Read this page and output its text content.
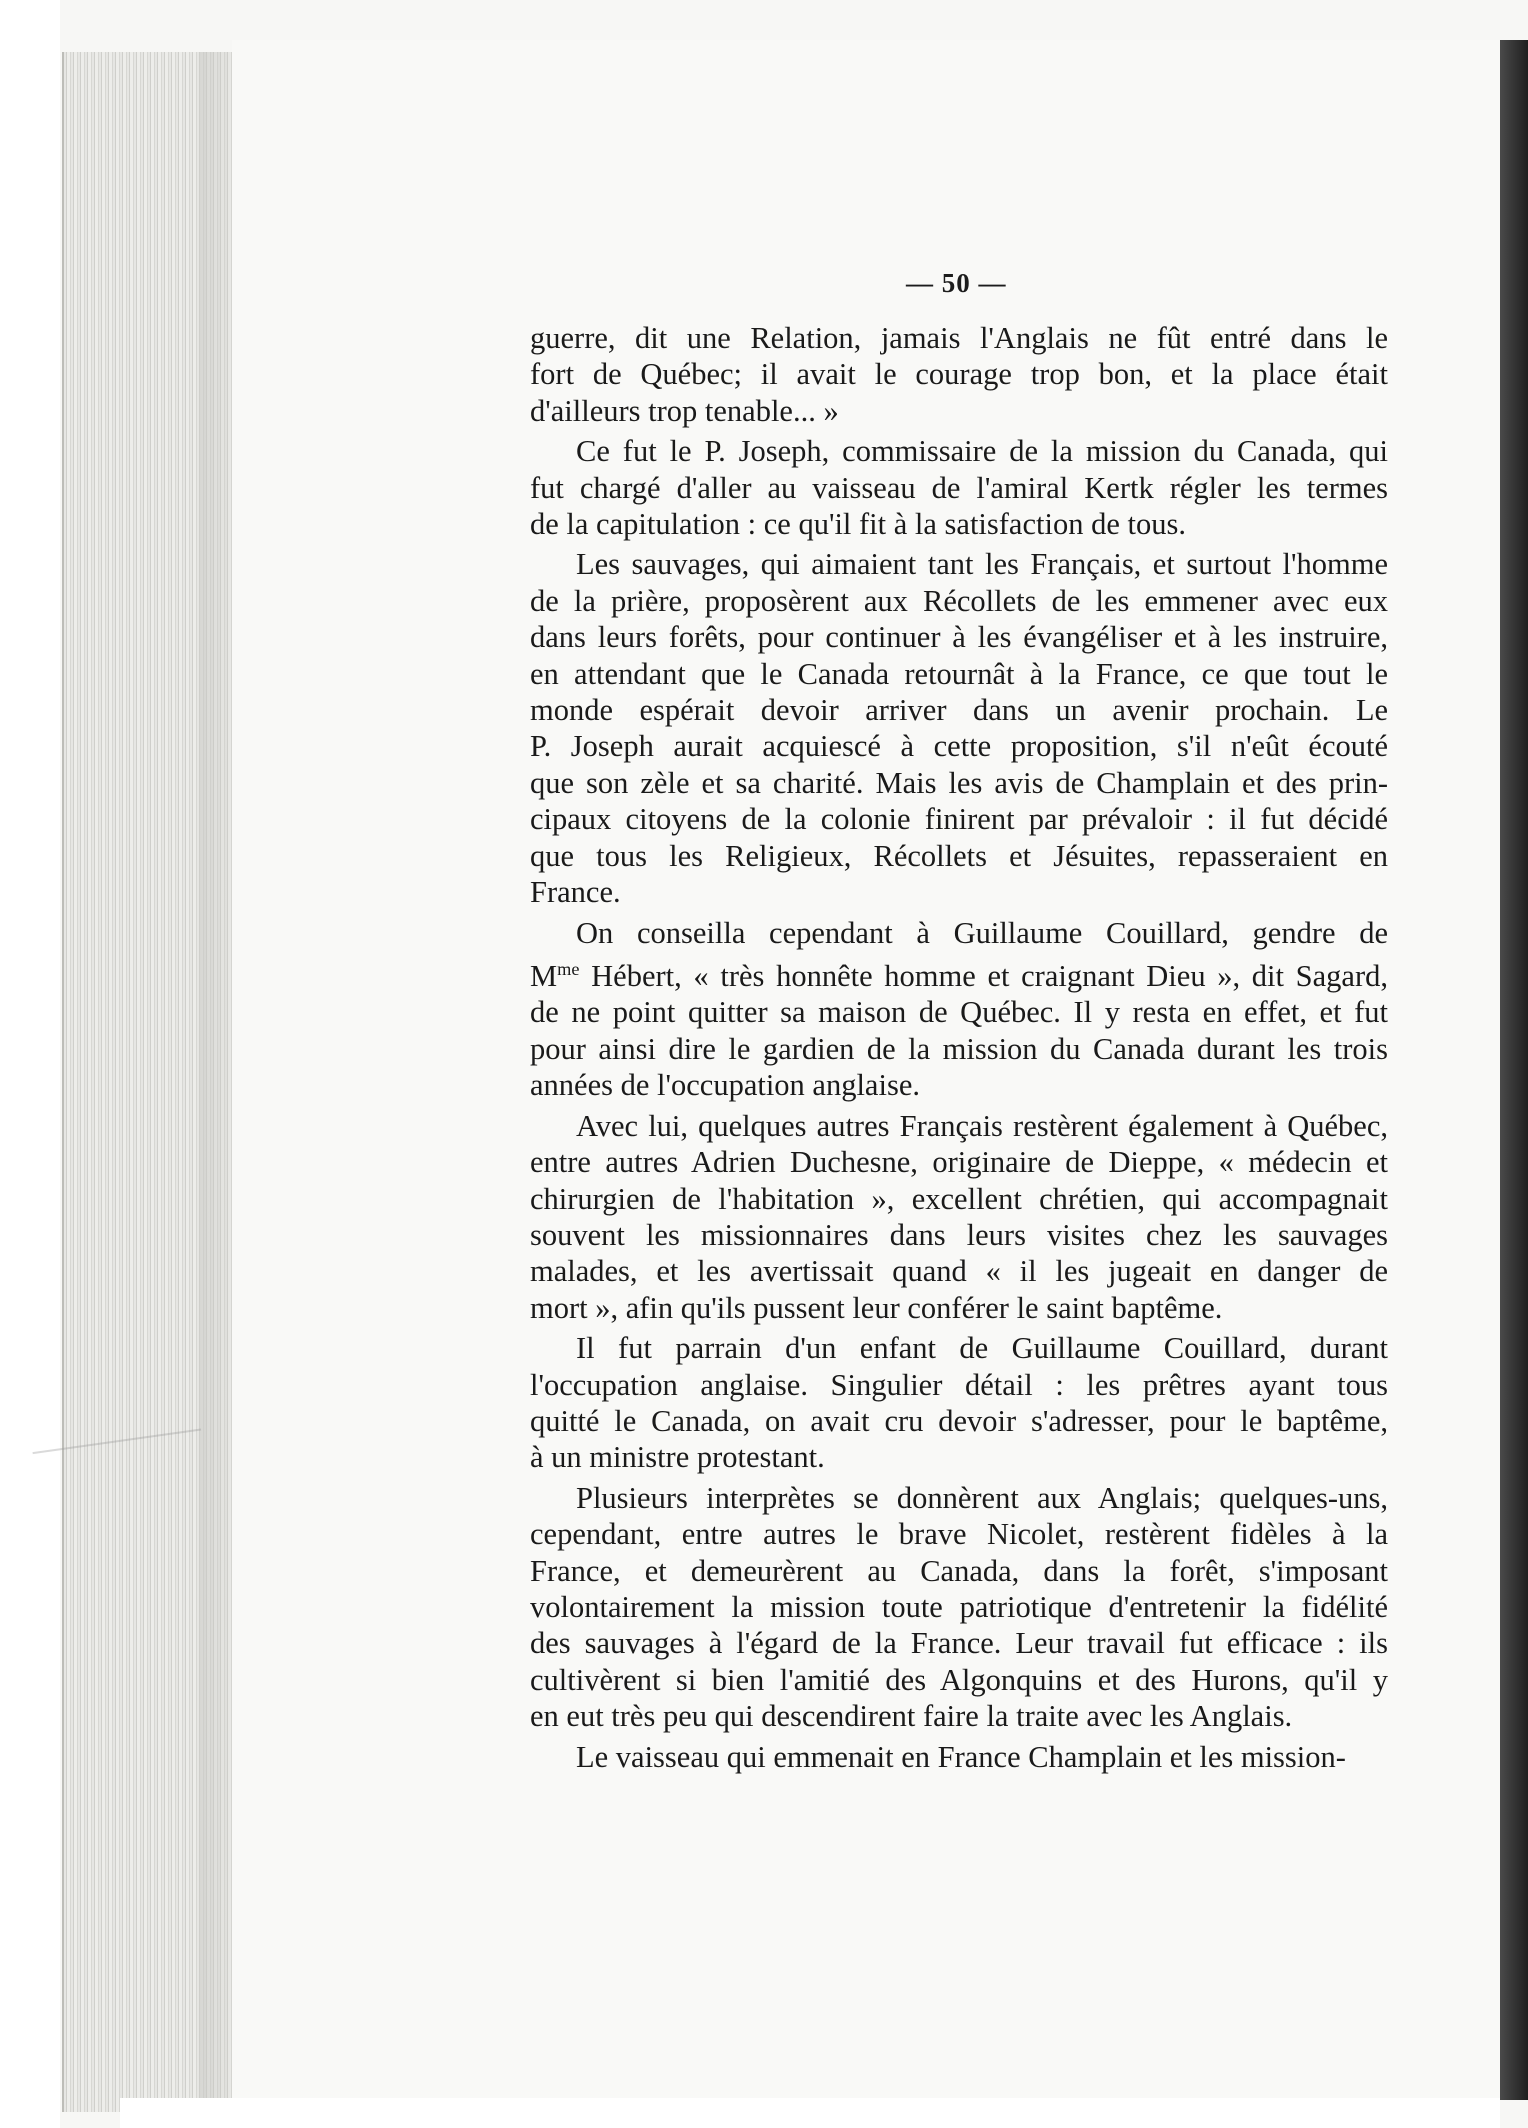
— 50 —
guerre, dit une Relation, jamais l'Anglais ne fût entré dans le
fort de Québec; il avait le courage trop bon, et la place était
d'ailleurs trop tenable... »
Ce fut le P. Joseph, commissaire de la mission du Canada, qui
fut chargé d'aller au vaisseau de l'amiral Kertk régler les termes
de la capitulation : ce qu'il fit à la satisfaction de tous.
Les sauvages, qui aimaient tant les Français, et surtout l'homme
de la prière, proposèrent aux Récollets de les emmener avec eux
dans leurs forêts, pour continuer à les évangéliser et à les instruire,
en attendant que le Canada retournât à la France, ce que tout le
monde espérait devoir arriver dans un avenir prochain. Le
P. Joseph aurait acquiescé à cette proposition, s'il n'eût écouté
que son zèle et sa charité. Mais les avis de Champlain et des prin-
cipaux citoyens de la colonie finirent par prévaloir : il fut décidé
que tous les Religieux, Récollets et Jésuites, repasseraient en
France.
On conseilla cependant à Guillaume Couillard, gendre de
$M^{me}$ Hébert, « très honnête homme et craignant Dieu », dit Sagard,
de ne point quitter sa maison de Québec. Il y resta en effet, et fut
pour ainsi dire le gardien de la mission du Canada durant les trois
années de l'occupation anglaise.
Avec lui, quelques autres Français restèrent également à Québec,
entre autres Adrien Duchesne, originaire de Dieppe, « médecin et
chirurgien de l'habitation », excellent chrétien, qui accompagnait
souvent les missionnaires dans leurs visites chez les sauvages
malades, et les avertissait quand « il les jugeait en danger de
mort », afin qu'ils pussent leur conférer le saint baptême.
Il fut parrain d'un enfant de Guillaume Couillard, durant
l'occupation anglaise. Singulier détail : les prêtres ayant tous
quitté le Canada, on avait cru devoir s'adresser, pour le baptême,
à un ministre protestant.
Plusieurs interprètes se donnèrent aux Anglais; quelques-uns,
cependant, entre autres le brave Nicolet, restèrent fidèles à la
France, et demeurèrent au Canada, dans la forêt, s'imposant
volontairement la mission toute patriotique d'entretenir la fidélité
des sauvages à l'égard de la France. Leur travail fut efficace : ils
cultivèrent si bien l'amitié des Algonquins et des Hurons, qu'il y
en eut très peu qui descendirent faire la traite avec les Anglais.
Le vaisseau qui emmenait en France Champlain et les mission-
